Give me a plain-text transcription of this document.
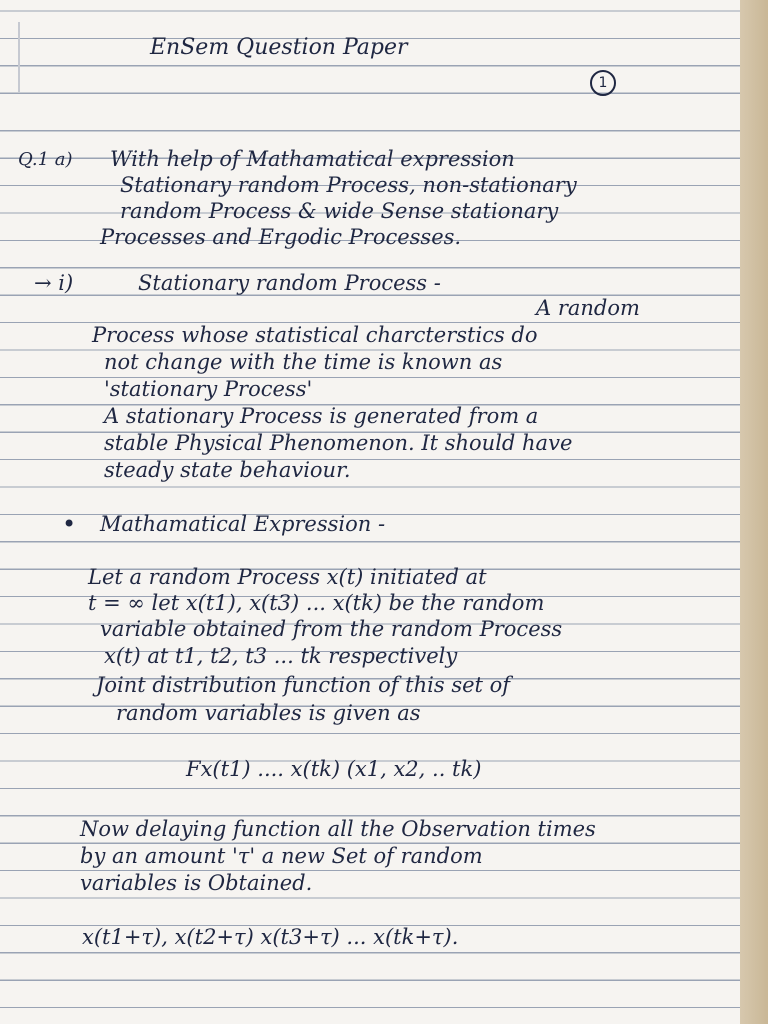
EnSem Question Paper
1
Q.1 a) With help of Mathamatical expression
Stationary random Process, non-stationary
random Process & wide Sense stationary
Processes and Ergodic Processes.
→ i)	Stationary random Process -
A random
Process whose statistical charcterstics do
not change with the time is known as
'stationary Process'
A stationary Process is generated from a
stable Physical Phenomenon. It should have
steady state behaviour.
• Mathamatical Expression -
Let a random Process x(t) initiated at
t = ∞ let x(t1), x(t3) ... x(tk) be the random
variable obtained from the random Process
x(t) at t1, t2, t3 ... tk respectively
Joint distribution function of this set of
random variables is given as
Fx(t1) .... x(tk) (x1, x2, .. tk)
Now delaying function all the Observation times
by an amount 'τ' a new Set of random
variables is Obtained.
x(t1+τ), x(t2+τ) x(t3+τ) ... x(tk+τ).
